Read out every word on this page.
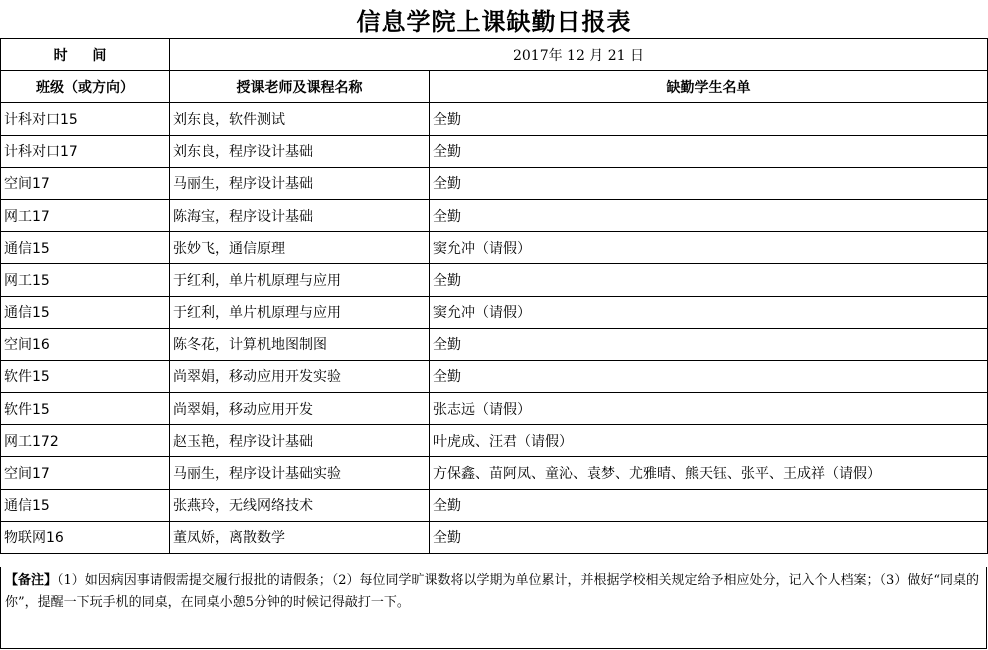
信息学院上课缺勤日报表
时 间	2017年 12 月 21 日	
班级（或方向）	授课老师及课程名称	缺勤学生名单
计科对口15	刘东良，软件测试	全勤
计科对口17	刘东良，程序设计基础	全勤
空间17	马丽生，程序设计基础	全勤
网工17	陈海宝，程序设计基础	全勤
通信15	张妙飞，通信原理	窦允冲（请假）
网工15	于红利，单片机原理与应用	全勤
通信15	于红利，单片机原理与应用	窦允冲（请假）
空间16	陈冬花，计算机地图制图	全勤
软件15	尚翠娟，移动应用开发实验	全勤
软件15	尚翠娟，移动应用开发	张志远（请假）
网工172	赵玉艳，程序设计基础	叶虎成、汪君（请假）
空间17	马丽生，程序设计基础实验	方保鑫、苗阿凤、童沁、袁梦、尤雅晴、熊天钰、张平、王成祥（请假）
通信15	张燕玲，无线网络技术	全勤
物联网16	董凤娇，离散数学	全勤
【备注】（1）如因病因事请假需提交履行报批的请假条；（2）每位同学旷课数将以学期为单位累计，并根据学校相关规定给予相应处分，记入个人档案；（3）做好“同桌的你”，提醒一下玩手机的同桌，在同桌小憩5分钟的时候记得敲打一下。
